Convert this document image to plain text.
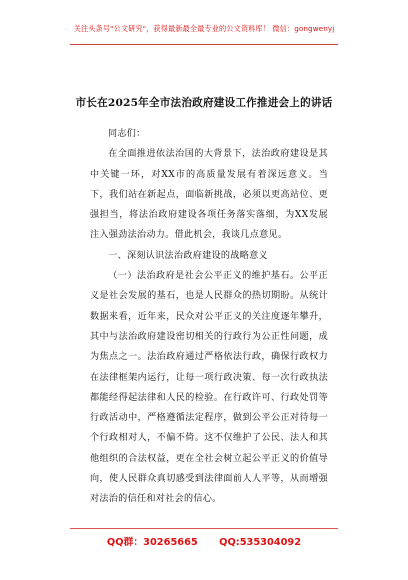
关注头条号"公文研究"，获得最新最全最专业的公文资料库！ 微信：gongwenyj
市长在2025年全市法治政府建设工作推进会上的讲话

同志们：

在全面推进依法治国的大背景下，法治政府建设是其中关键一环，对XX市的高质量发展有着深远意义。当下，我们站在新起点，面临新挑战，必须以更高站位、更强担当，将法治政府建设各项任务落实落细，为XX发展注入强劲法治动力。借此机会，我谈几点意见。

一、深刻认识法治政府建设的战略意义

（一）法治政府是社会公平正义的维护基石。公平正义是社会发展的基石，也是人民群众的热切期盼。从统计数据来看，近年来，民众对公平正义的关注度逐年攀升，其中与法治政府建设密切相关的行政行为公正性问题，成为焦点之一。法治政府通过严格依法行政，确保行政权力在法律框架内运行，让每一项行政决策、每一次行政执法都能经得起法律和人民的检验。在行政许可、行政处罚等行政活动中，严格遵循法定程序，做到公平公正对待每一个行政相对人，不偏不倚。这不仅维护了公民、法人和其他组织的合法权益，更在全社会树立起公平正义的价值导向，使人民群众真切感受到法律面前人人平等，从而增强对法治的信任和对社会的信心。

QQ群：30265665 QQ:535304092
